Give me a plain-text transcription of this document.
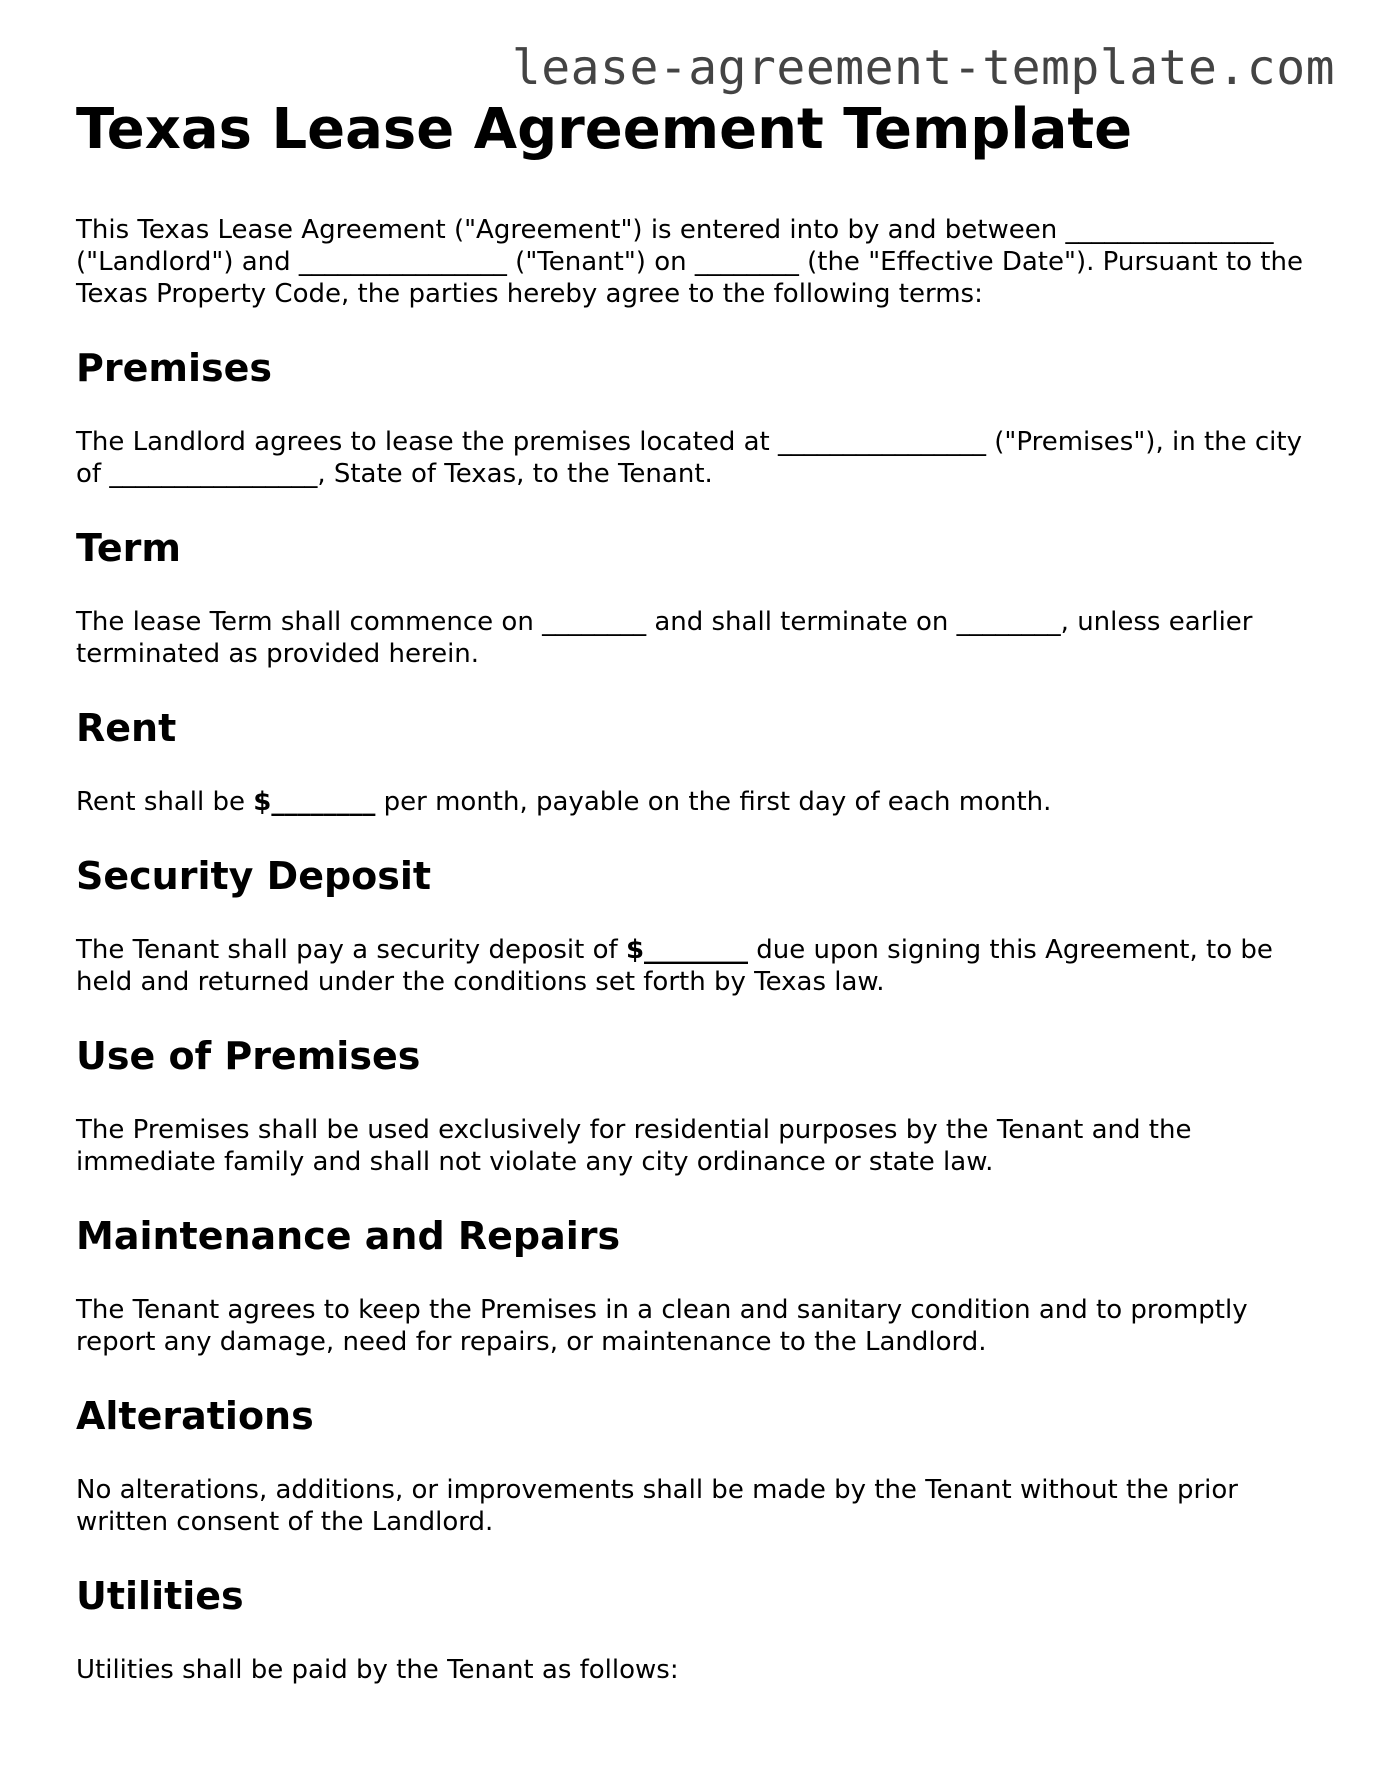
lease-agreement-template.com
Texas Lease Agreement Template

This Texas Lease Agreement ("Agreement") is entered into by and between ________________ ("Landlord") and ________________ ("Tenant") on ________ (the "Effective Date"). Pursuant to the Texas Property Code, the parties hereby agree to the following terms:

Premises

The Landlord agrees to lease the premises located at ________________ ("Premises"), in the city of ________________, State of Texas, to the Tenant.

Term

The lease Term shall commence on ________ and shall terminate on ________, unless earlier terminated as provided herein.

Rent

Rent shall be $________ per month, payable on the first day of each month.

Security Deposit

The Tenant shall pay a security deposit of $________ due upon signing this Agreement, to be held and returned under the conditions set forth by Texas law.

Use of Premises

The Premises shall be used exclusively for residential purposes by the Tenant and the immediate family and shall not violate any city ordinance or state law.

Maintenance and Repairs

The Tenant agrees to keep the Premises in a clean and sanitary condition and to promptly report any damage, need for repairs, or maintenance to the Landlord.

Alterations

No alterations, additions, or improvements shall be made by the Tenant without the prior written consent of the Landlord.

Utilities

Utilities shall be paid by the Tenant as follows:
